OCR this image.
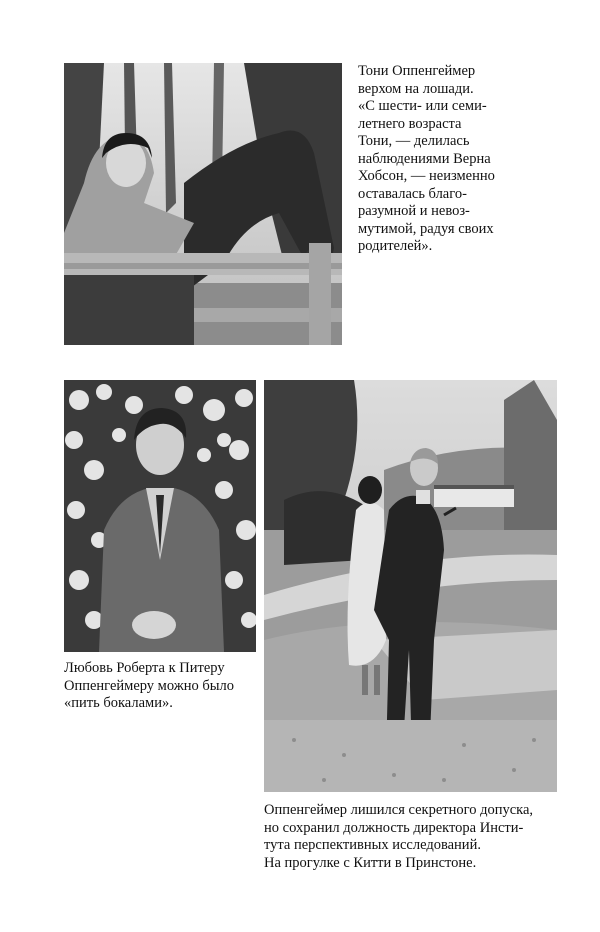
Тони Оппенгеймер
верхом на лошади.
«С шести- или семи-
летнего возраста
Тони, — делилась
наблюдениями Верна
Хобсон, — неизменно
оставалась благо-
разумной и невоз-
мутимой, радуя своих
родителей».
Любовь Роберта к Питеру
Оппенгеймеру можно было
«пить бокалами».
Оппенгеймер лишился секретного допуска,
но сохранил должность директора Инсти-
тута перспективных исследований.
На прогулке с Китти в Принстоне.
